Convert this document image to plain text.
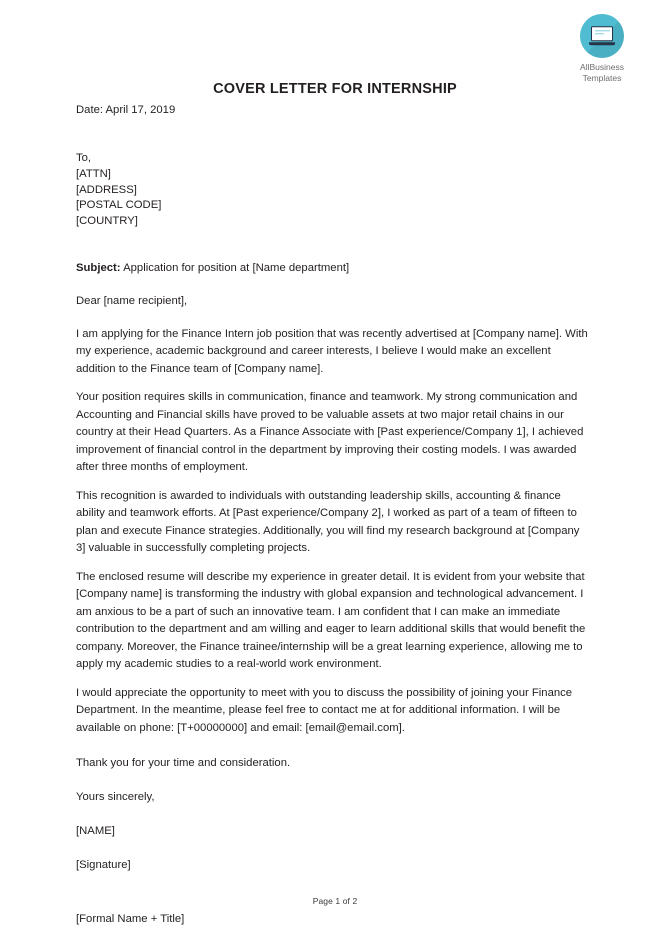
AllBusiness
Templates
COVER LETTER FOR INTERNSHIP
Date: April 17, 2019
To,
[ATTN]
[ADDRESS]
[POSTAL CODE]
[COUNTRY]
Subject: Application for position at [Name department]
Dear [name recipient],

I am applying for the Finance Intern job position that was recently advertised at [Company name]. With my experience, academic background and career interests, I believe I would make an excellent addition to the Finance team of [Company name].

Your position requires skills in communication, finance and teamwork. My strong communication and Accounting and Financial skills have proved to be valuable assets at two major retail chains in our country at their Head Quarters. As a Finance Associate with [Past experience/Company 1], I achieved improvement of financial control in the department by improving their costing models. I was awarded after three months of employment.

This recognition is awarded to individuals with outstanding leadership skills, accounting & finance ability and teamwork efforts. At [Past experience/Company 2], I worked as part of a team of fifteen to plan and execute Finance strategies. Additionally, you will find my research background at [Company 3] valuable in successfully completing projects.

The enclosed resume will describe my experience in greater detail. It is evident from your website that [Company name] is transforming the industry with global expansion and technological advancement. I am anxious to be a part of such an innovative team. I am confident that I can make an immediate contribution to the department and am willing and eager to learn additional skills that would benefit the company. Moreover, the Finance trainee/internship will be a great learning experience, allowing me to apply my academic studies to a real-world work environment.

I would appreciate the opportunity to meet with you to discuss the possibility of joining your Finance Department. In the meantime, please feel free to contact me at for additional information. I will be available on phone: [T+00000000] and email: [email@email.com].

Thank you for your time and consideration.
Yours sincerely,
[NAME]
[Signature]
[Formal Name + Title]
Page 1 of 2
